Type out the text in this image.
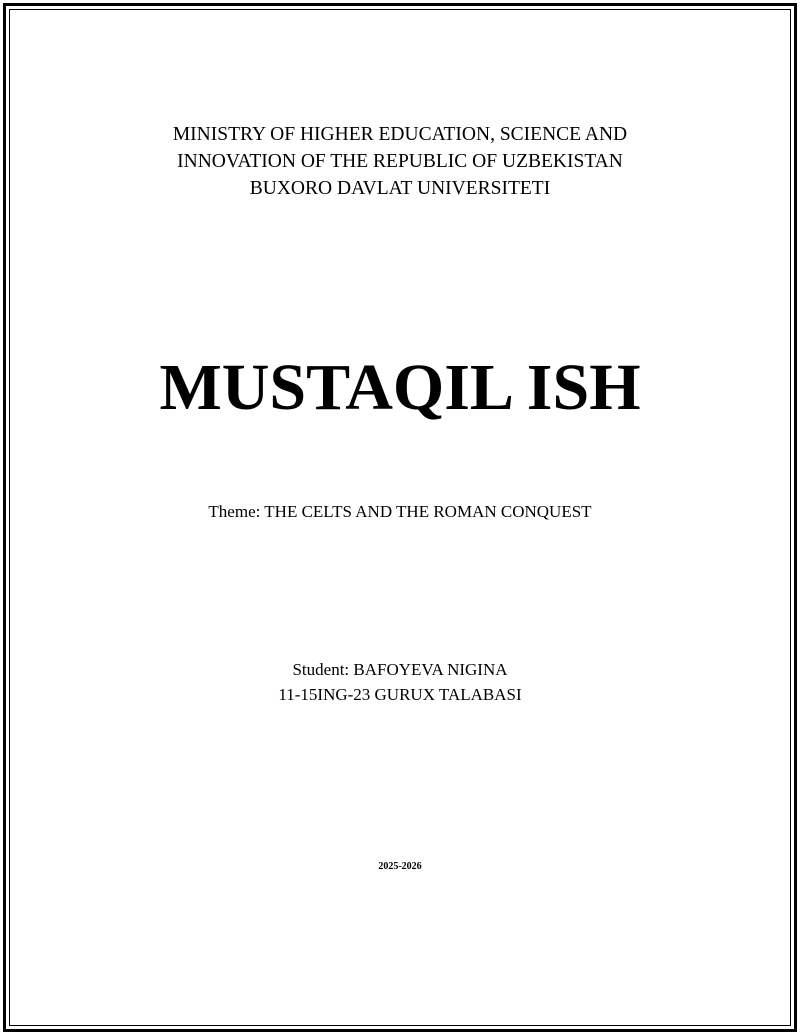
MINISTRY OF HIGHER EDUCATION, SCIENCE AND
INNOVATION OF THE REPUBLIC OF UZBEKISTAN
BUXORO DAVLAT UNIVERSITETI
MUSTAQIL ISH
Theme: THE CELTS AND THE ROMAN CONQUEST
Student: BAFOYEVA NIGINA
11-15ING-23 GURUX TALABASI
2025-2026
